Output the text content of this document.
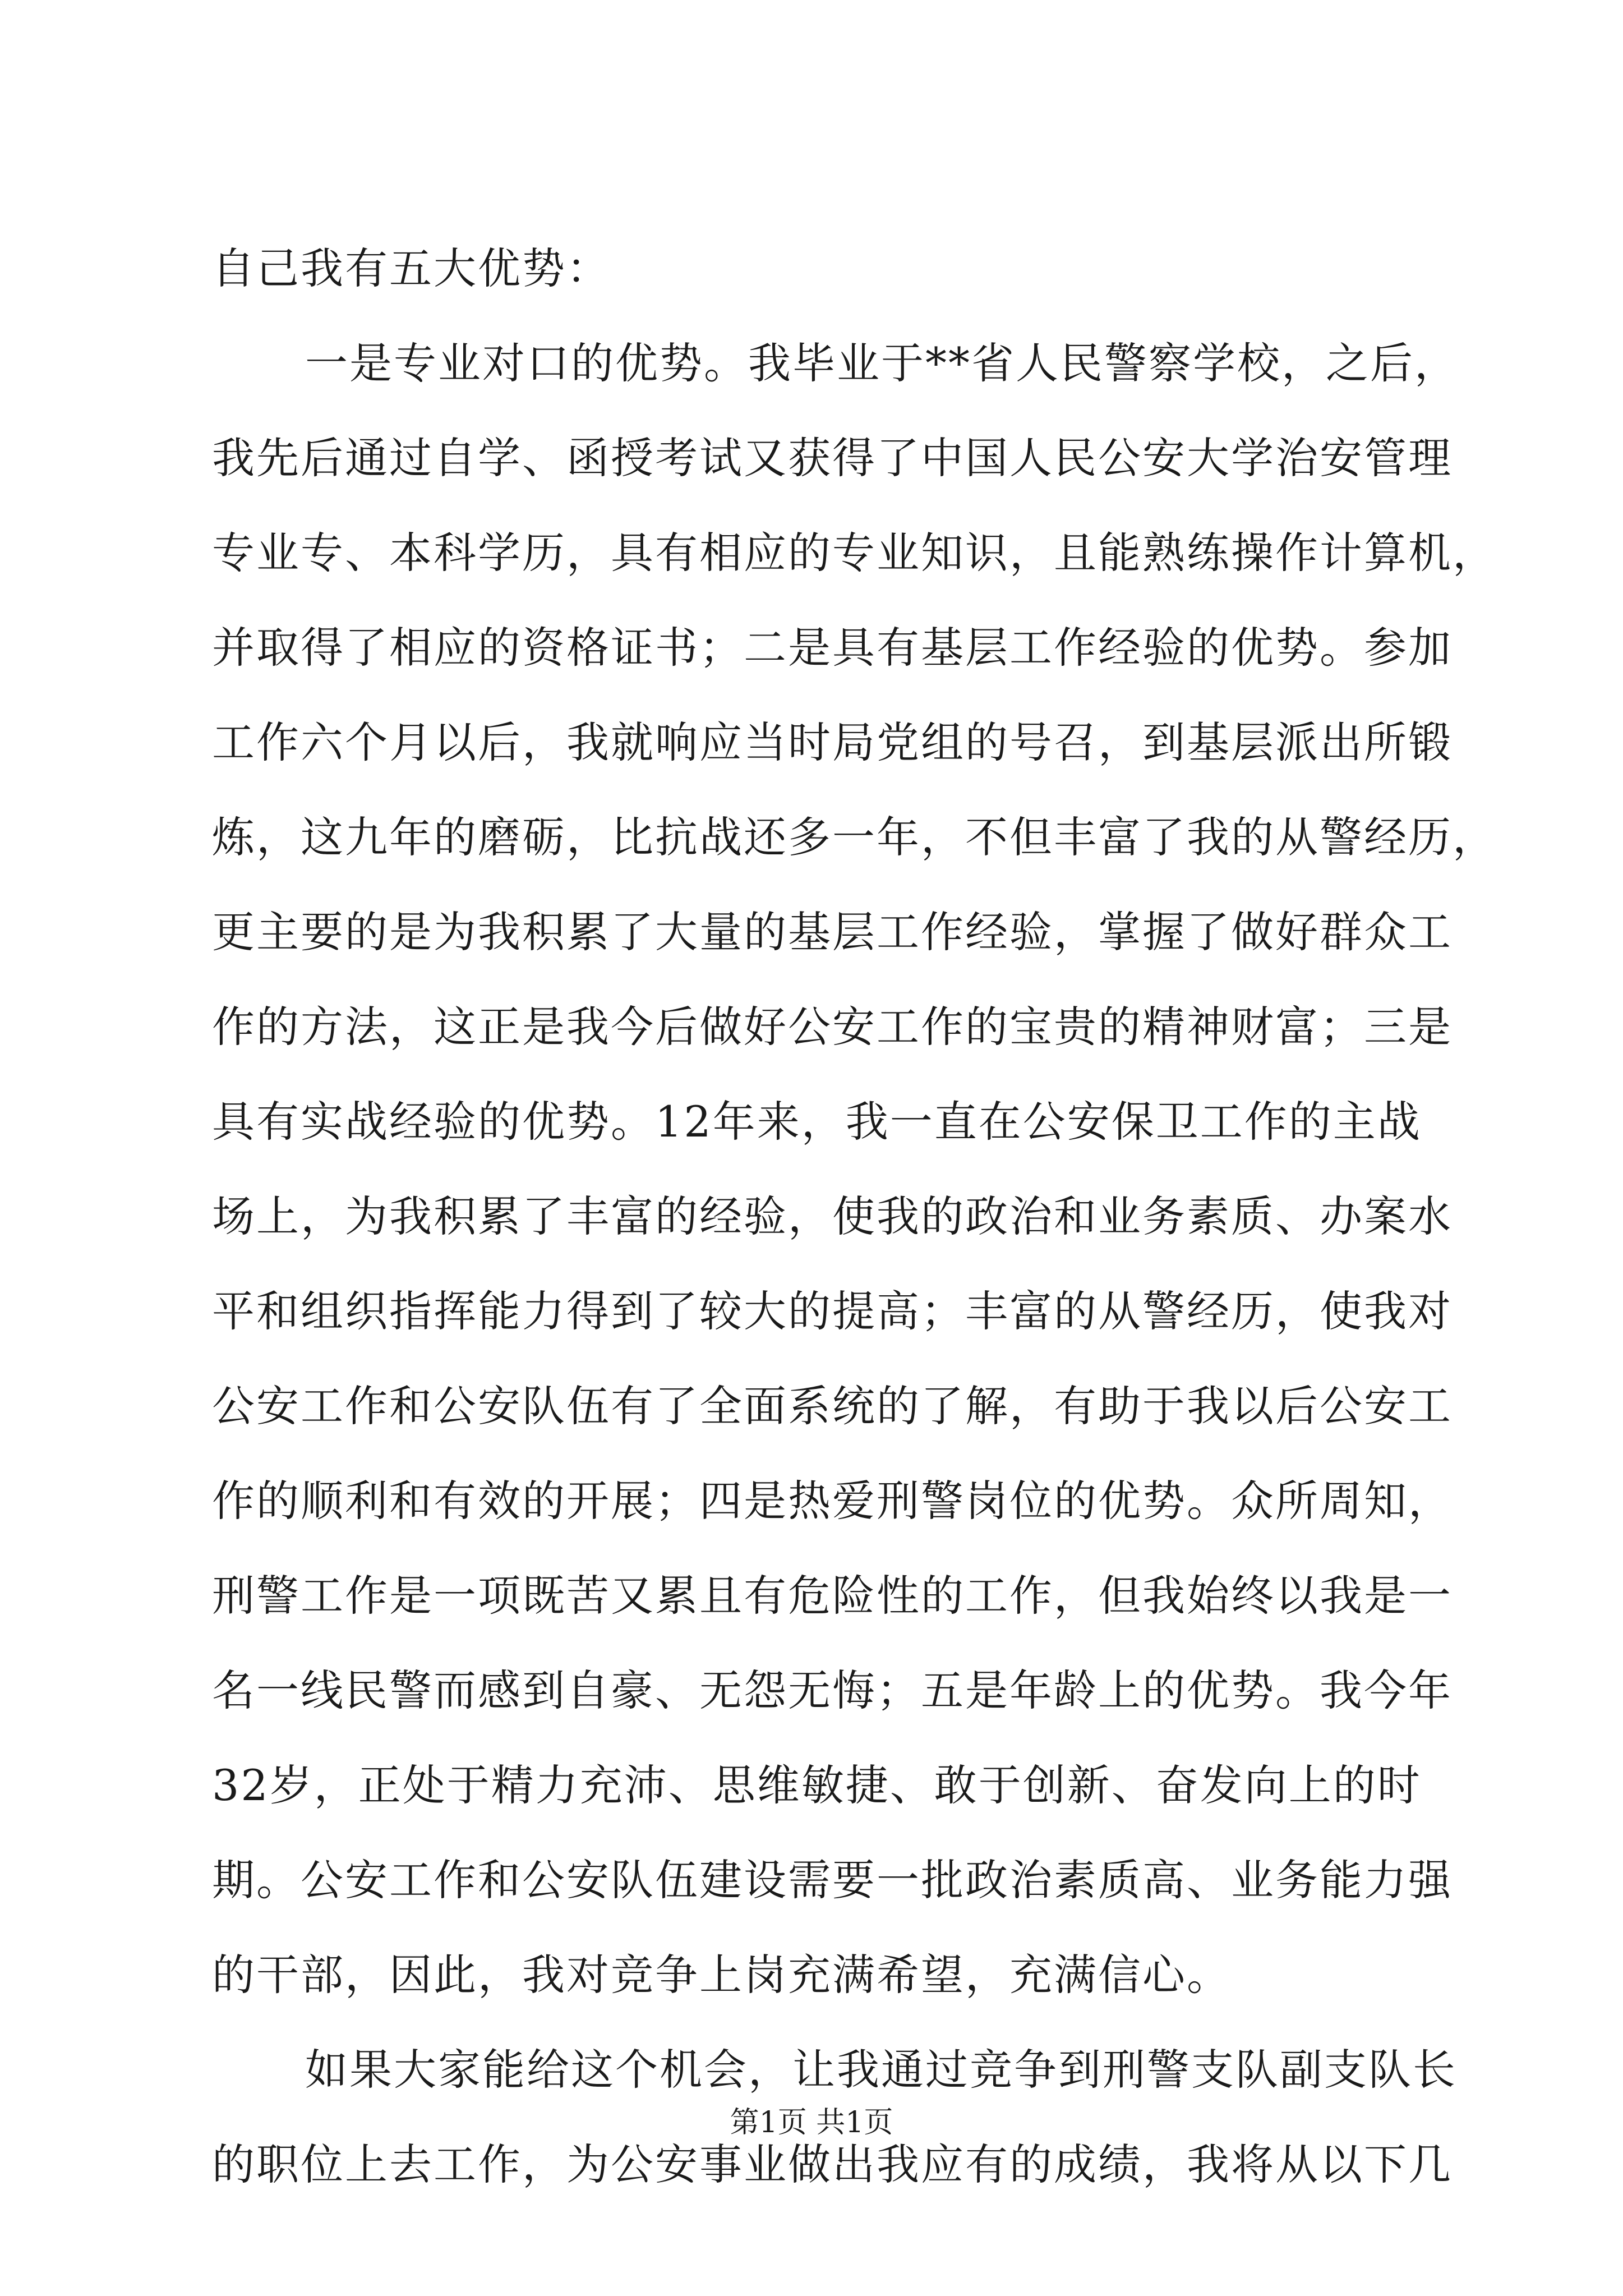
自己我有五大优势：
一是专业对口的优势。我毕业于**省人民警察学校，之后，
我先后通过自学、函授考试又获得了中国人民公安大学治安管理
专业专、本科学历，具有相应的专业知识，且能熟练操作计算机，
并取得了相应的资格证书；二是具有基层工作经验的优势。参加
工作六个月以后，我就响应当时局党组的号召，到基层派出所锻
炼，这九年的磨砺，比抗战还多一年，不但丰富了我的从警经历，
更主要的是为我积累了大量的基层工作经验，掌握了做好群众工
作的方法，这正是我今后做好公安工作的宝贵的精神财富；三是
具有实战经验的优势。12年来，我一直在公安保卫工作的主战
场上，为我积累了丰富的经验，使我的政治和业务素质、办案水
平和组织指挥能力得到了较大的提高；丰富的从警经历，使我对
公安工作和公安队伍有了全面系统的了解，有助于我以后公安工
作的顺利和有效的开展；四是热爱刑警岗位的优势。众所周知，
刑警工作是一项既苦又累且有危险性的工作，但我始终以我是一
名一线民警而感到自豪、无怨无悔；五是年龄上的优势。我今年
32岁，正处于精力充沛、思维敏捷、敢于创新、奋发向上的时
期。公安工作和公安队伍建设需要一批政治素质高、业务能力强
的干部，因此，我对竞争上岗充满希望，充满信心。
如果大家能给这个机会，让我通过竞争到刑警支队副支队长
的职位上去工作，为公安事业做出我应有的成绩，我将从以下几
第1页 共1页
